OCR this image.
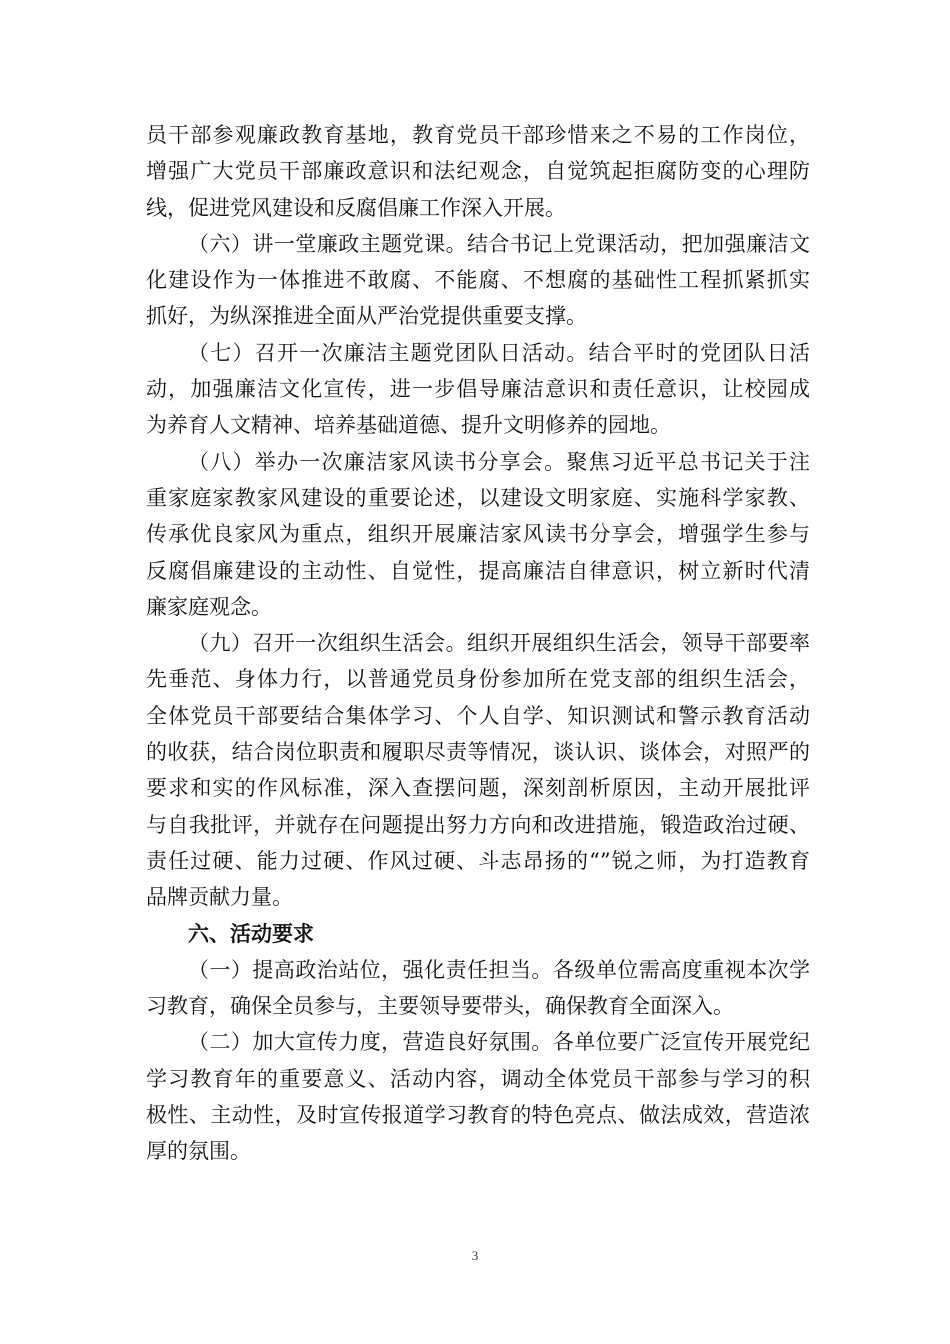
员干部参观廉政教育基地，教育党员干部珍惜来之不易的工作岗位，
增强广大党员干部廉政意识和法纪观念，自觉筑起拒腐防变的心理防
线，促进党风建设和反腐倡廉工作深入开展。
（六）讲一堂廉政主题党课。结合书记上党课活动，把加强廉洁文
化建设作为一体推进不敢腐、不能腐、不想腐的基础性工程抓紧抓实
抓好，为纵深推进全面从严治党提供重要支撑。
（七）召开一次廉洁主题党团队日活动。结合平时的党团队日活
动，加强廉洁文化宣传，进一步倡导廉洁意识和责任意识，让校园成
为养育人文精神、培养基础道德、提升文明修养的园地。
（八）举办一次廉洁家风读书分享会。聚焦习近平总书记关于注
重家庭家教家风建设的重要论述，以建设文明家庭、实施科学家教、
传承优良家风为重点，组织开展廉洁家风读书分享会，增强学生参与
反腐倡廉建设的主动性、自觉性，提高廉洁自律意识，树立新时代清
廉家庭观念。
（九）召开一次组织生活会。组织开展组织生活会，领导干部要率
先垂范、身体力行，以普通党员身份参加所在党支部的组织生活会，
全体党员干部要结合集体学习、个人自学、知识测试和警示教育活动
的收获，结合岗位职责和履职尽责等情况，谈认识、谈体会，对照严的
要求和实的作风标准，深入查摆问题，深刻剖析原因，主动开展批评
与自我批评，并就存在问题提出努力方向和改进措施，锻造政治过硬、
责任过硬、能力过硬、作风过硬、斗志昂扬的“”锐之师，为打造教育
品牌贡献力量。
六、活动要求
（一）提高政治站位，强化责任担当。各级单位需高度重视本次学
习教育，确保全员参与，主要领导要带头，确保教育全面深入。
（二）加大宣传力度，营造良好氛围。各单位要广泛宣传开展党纪
学习教育年的重要意义、活动内容，调动全体党员干部参与学习的积
极性、主动性，及时宣传报道学习教育的特色亮点、做法成效，营造浓
厚的氛围。
3
